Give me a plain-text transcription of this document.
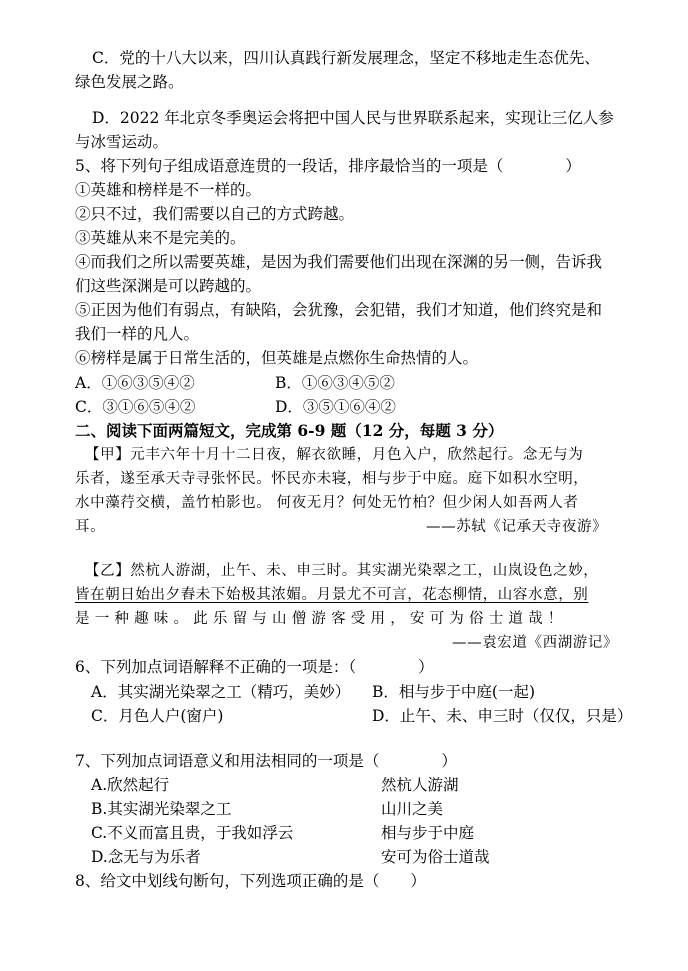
C．党的十八大以来，四川认真践行新发展理念，坚定不移地走生态优先、
绿色发展之路。
D．2022 年北京冬季奥运会将把中国人民与世界联系起来，实现让三亿人参
与冰雪运动。
5、将下列句子组成语意连贯的一段话，排序最恰当的一项是（　　　　）
①英雄和榜样是不一样的。
②只不过，我们需要以自己的方式跨越。
③英雄从来不是完美的。
④而我们之所以需要英雄，是因为我们需要他们出现在深渊的另一侧，告诉我
们这些深渊是可以跨越的。
⑤正因为他们有弱点，有缺陷，会犹豫，会犯错，我们才知道，他们终究是和
我们一样的凡人。
⑥榜样是属于日常生活的，但英雄是点燃你生命热情的人。
A．①⑥③⑤④②	B．①⑥③④⑤②
C．③①⑥⑤④②	D．③⑤①⑥④②
二、阅读下面两篇短文，完成第 6-9 题（12 分，每题 3 分）
【甲】元丰六年十月十二日夜，解衣欲睡，月色入户，欣然起行。念无与为
乐者，遂至承天寺寻张怀民。怀民亦未寝，相与步于中庭。庭下如积水空明，
水中藻荇交横，盖竹柏影也。 何夜无月？何处无竹柏？但少闲人如吾两人者
耳。	——苏轼《记承天寺夜游》
【乙】然杭人游湖，止午、未、申三时。其实湖光染翠之工，山岚设色之妙，
皆在朝日始出夕舂未下始极其浓媚。月景尤不可言，花态柳情，山容水意，别
是一种趣味。此乐留与山僧游客受用，安可为俗士道哉！
——袁宏道《西湖游记》
6、下列加点词语解释不正确的一项是：（　　　　）
A．其实湖光染翠之工（精巧，美妙） B．相与步于中庭(一起)
C．月色人户(窗户)	D．止午、未、申三时（仅仅，只是）
7、下列加点词语意义和用法相同的一项是（　　　　）
A.欣然起行	然杭人游湖
B.其实湖光染翠之工	山川之美
C.不义而富且贵，于我如浮云	相与步于中庭
D.念无与为乐者	安可为俗士道哉
8、给文中划线句断句，下列选项正确的是（　　）
